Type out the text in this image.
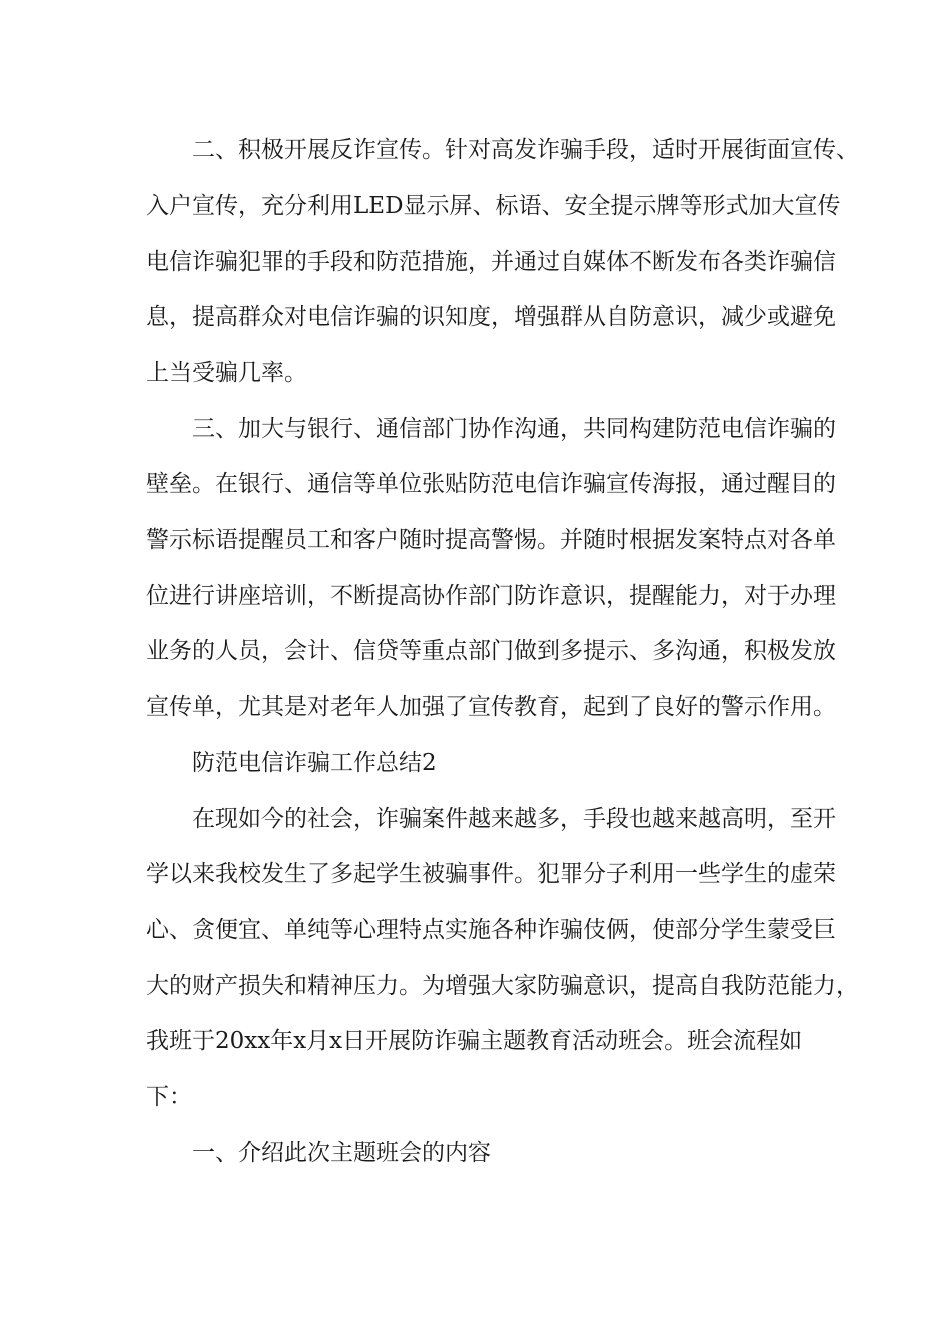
二、积极开展反诈宣传。针对高发诈骗手段，适时开展街面宣传、

入户宣传，充分利用LED显示屏、标语、安全提示牌等形式加大宣传

电信诈骗犯罪的手段和防范措施，并通过自媒体不断发布各类诈骗信

息，提高群众对电信诈骗的识知度，增强群从自防意识，减少或避免

上当受骗几率。

三、加大与银行、通信部门协作沟通，共同构建防范电信诈骗的

壁垒。在银行、通信等单位张贴防范电信诈骗宣传海报，通过醒目的

警示标语提醒员工和客户随时提高警惕。并随时根据发案特点对各单

位进行讲座培训，不断提高协作部门防诈意识，提醒能力，对于办理

业务的人员，会计、信贷等重点部门做到多提示、多沟通，积极发放

宣传单，尤其是对老年人加强了宣传教育，起到了良好的警示作用。

防范电信诈骗工作总结2

在现如今的社会，诈骗案件越来越多，手段也越来越高明，至开

学以来我校发生了多起学生被骗事件。犯罪分子利用一些学生的虚荣

心、贪便宜、单纯等心理特点实施各种诈骗伎俩，使部分学生蒙受巨

大的财产损失和精神压力。为增强大家防骗意识，提高自我防范能力，

我班于20xx年x月x日开展防诈骗主题教育活动班会。班会流程如

下：

一、介绍此次主题班会的内容
